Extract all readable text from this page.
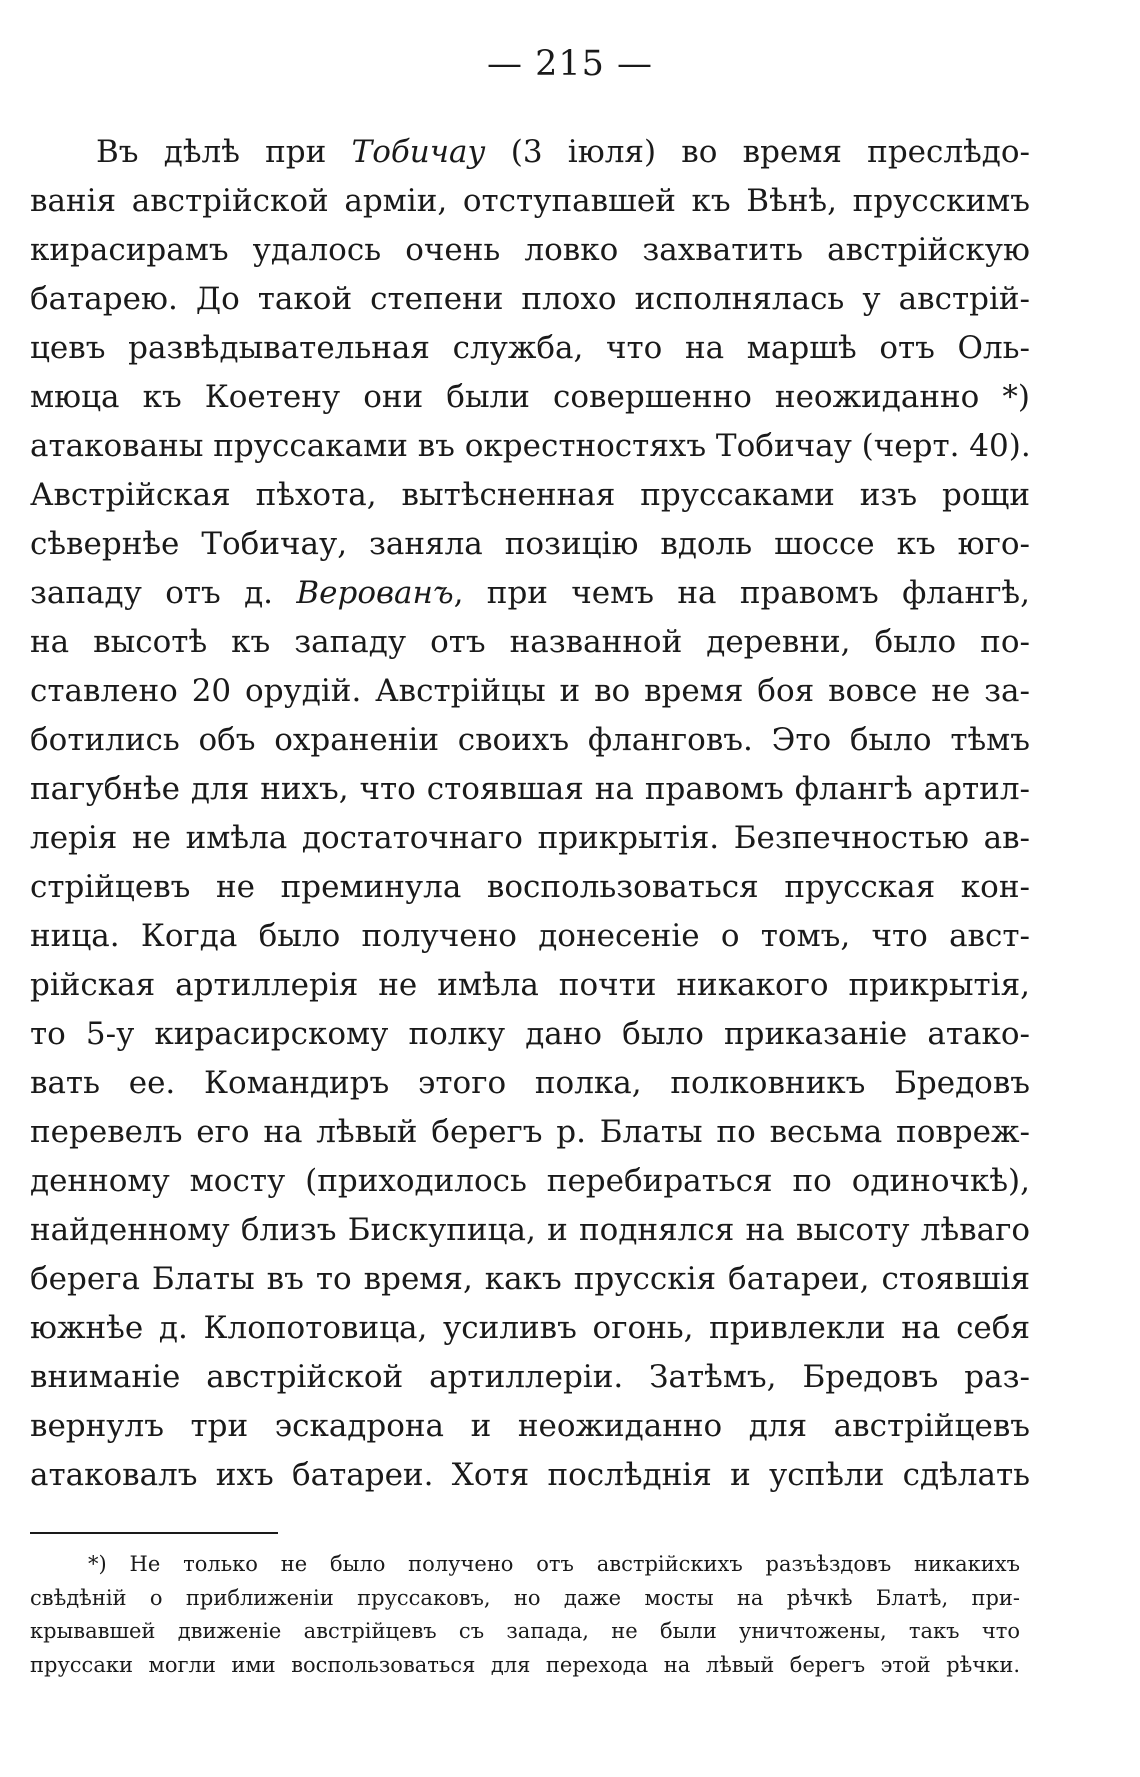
— 215 —
Въ дѣлѣ при Тобичау (3 іюля) во время преслѣдо-
ванія австрійской арміи, отступавшей къ Вѣнѣ, прусскимъ
кирасирамъ удалось очень ловко захватить австрійскую
батарею. До такой степени плохо исполнялась у австрій-
цевъ развѣдывательная служба, что на маршѣ отъ Оль-
мюца къ Коетену они были совершенно неожиданно *)
атакованы пруссаками въ окрестностяхъ Тобичау (черт. 40).
Австрійская пѣхота, вытѣсненная пруссаками изъ рощи
сѣвернѣе Тобичау, заняла позицію вдоль шоссе къ юго-
западу отъ д. Верованъ, при чемъ на правомъ флангѣ,
на высотѣ къ западу отъ названной деревни, было по-
ставлено 20 орудій. Австрійцы и во время боя вовсе не за-
ботились объ охраненіи своихъ фланговъ. Это было тѣмъ
пагубнѣе для нихъ, что стоявшая на правомъ флангѣ артил-
лерія не имѣла достаточнаго прикрытія. Безпечностью ав-
стрійцевъ не преминула воспользоваться прусская кон-
ница. Когда было получено донесеніе о томъ, что авст-
рійская артиллерія не имѣла почти никакого прикрытія,
то 5-у кирасирскому полку дано было приказаніе атако-
вать ее. Командиръ этого полка, полковникъ Бредовъ
перевелъ его на лѣвый берегъ р. Блаты по весьма повреж-
денному мосту (приходилось перебираться по одиночкѣ),
найденному близъ Бискупица, и поднялся на высоту лѣваго
берега Блаты въ то время, какъ прусскія батареи, стоявшія
южнѣе д. Клопотовица, усиливъ огонь, привлекли на себя
вниманіе австрійской артиллеріи. Затѣмъ, Бредовъ раз-
вернулъ три эскадрона и неожиданно для австрійцевъ
атаковалъ ихъ батареи. Хотя послѣднія и успѣли сдѣлать
*) Не только не было получено отъ австрійскихъ разъѣздовъ никакихъ
свѣдѣній о приближеніи пруссаковъ, но даже мосты на рѣчкѣ Блатѣ, при-
крывавшей движеніе австрійцевъ съ запада, не были уничтожены, такъ что
пруссаки могли ими воспользоваться для перехода на лѣвый берегъ этой рѣчки.
